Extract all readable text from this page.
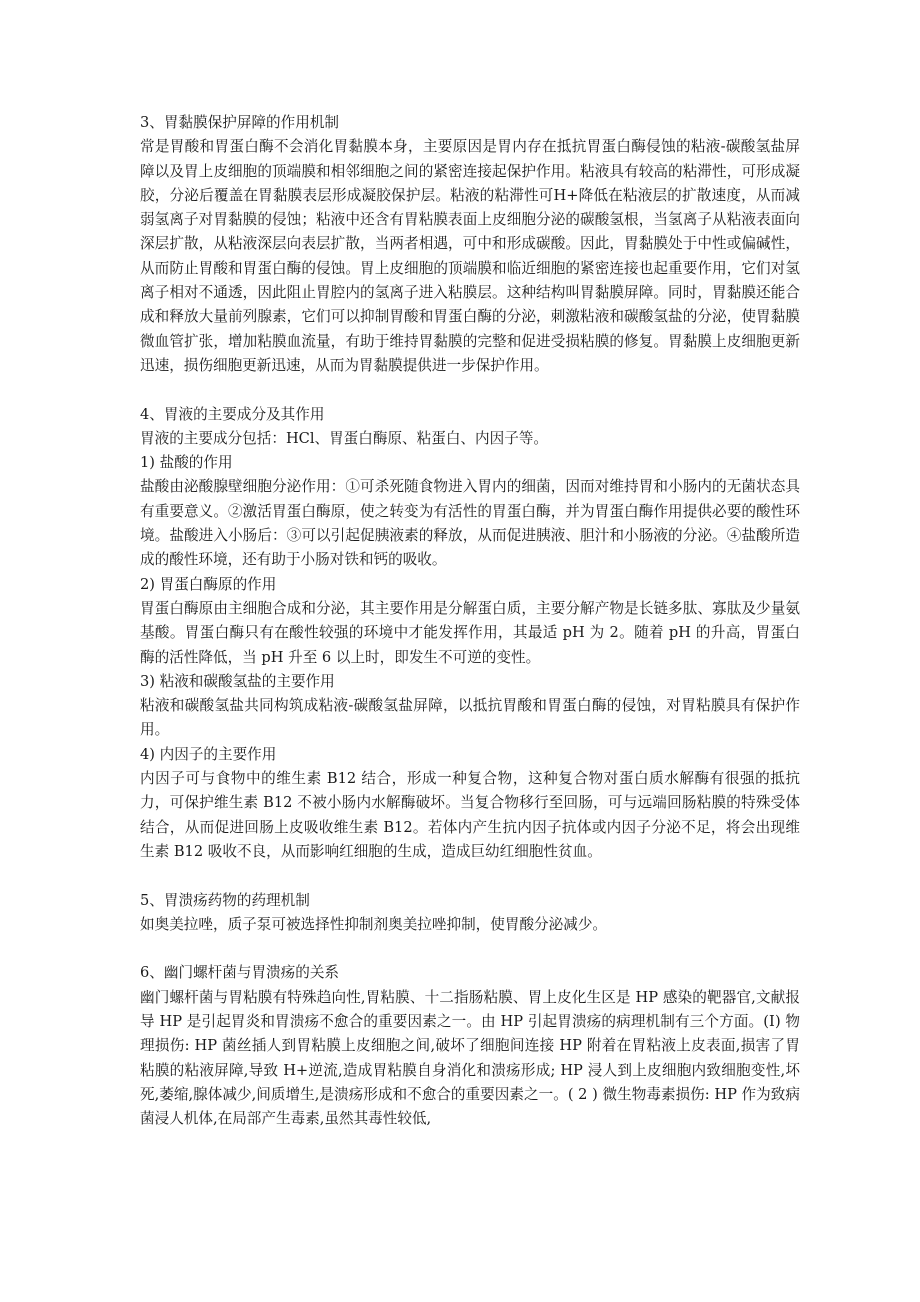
3、胃黏膜保护屏障的作用机制

常是胃酸和胃蛋白酶不会消化胃黏膜本身，主要原因是胃内存在抵抗胃蛋白酶侵蚀的粘液-碳酸氢盐屏障以及胃上皮细胞的顶端膜和相邻细胞之间的紧密连接起保护作用。粘液具有较高的粘滞性，可形成凝胶，分泌后覆盖在胃黏膜表层形成凝胶保护层。粘液的粘滞性可H+降低在粘液层的扩散速度，从而减弱氢离子对胃黏膜的侵蚀；粘液中还含有胃粘膜表面上皮细胞分泌的碳酸氢根，当氢离子从粘液表面向深层扩散，从粘液深层向表层扩散，当两者相遇，可中和形成碳酸。因此，胃黏膜处于中性或偏碱性，从而防止胃酸和胃蛋白酶的侵蚀。胃上皮细胞的顶端膜和临近细胞的紧密连接也起重要作用，它们对氢离子相对不通透，因此阻止胃腔内的氢离子进入粘膜层。这种结构叫胃黏膜屏障。同时，胃黏膜还能合成和释放大量前列腺素，它们可以抑制胃酸和胃蛋白酶的分泌，刺激粘液和碳酸氢盐的分泌，使胃黏膜微血管扩张，增加粘膜血流量，有助于维持胃黏膜的完整和促进受损粘膜的修复。胃黏膜上皮细胞更新迅速，损伤细胞更新迅速，从而为胃黏膜提供进一步保护作用。

4、胃液的主要成分及其作用

胃液的主要成分包括：HCl、胃蛋白酶原、粘蛋白、内因子等。

1) 盐酸的作用

盐酸由泌酸腺壁细胞分泌作用：①可杀死随食物进入胃内的细菌，因而对维持胃和小肠内的无菌状态具有重要意义。②激活胃蛋白酶原，使之转变为有活性的胃蛋白酶，并为胃蛋白酶作用提供必要的酸性环境。盐酸进入小肠后：③可以引起促胰液素的释放，从而促进胰液、胆汁和小肠液的分泌。④盐酸所造成的酸性环境，还有助于小肠对铁和钙的吸收。

2) 胃蛋白酶原的作用

胃蛋白酶原由主细胞合成和分泌，其主要作用是分解蛋白质，主要分解产物是长链多肽、寡肽及少量氨基酸。胃蛋白酶只有在酸性较强的环境中才能发挥作用，其最适 pH 为 2。随着 pH 的升高，胃蛋白酶的活性降低，当 pH 升至 6 以上时，即发生不可逆的变性。

3) 粘液和碳酸氢盐的主要作用

粘液和碳酸氢盐共同构筑成粘液-碳酸氢盐屏障，以抵抗胃酸和胃蛋白酶的侵蚀，对胃粘膜具有保护作用。

4) 内因子的主要作用

内因子可与食物中的维生素 B12 结合，形成一种复合物，这种复合物对蛋白质水解酶有很强的抵抗力，可保护维生素 B12 不被小肠内水解酶破坏。当复合物移行至回肠，可与远端回肠粘膜的特殊受体结合，从而促进回肠上皮吸收维生素 B12。若体内产生抗内因子抗体或内因子分泌不足，将会出现维生素 B12 吸收不良，从而影响红细胞的生成，造成巨幼红细胞性贫血。

5、胃溃疡药物的药理机制

如奥美拉唑，质子泵可被选择性抑制剂奥美拉唑抑制，使胃酸分泌减少。

6、幽门螺杆菌与胃溃疡的关系

幽门螺杆菌与胃粘膜有特殊趋向性,胃粘膜、十二指肠粘膜、胃上皮化生区是 HP 感染的靶器官,文献报导 HP 是引起胃炎和胃溃疡不愈合的重要因素之一。由 HP 引起胃溃疡的病理机制有三个方面。(Ⅰ) 物理损伤: HP 菌丝插人到胃粘膜上皮细胞之间,破坏了细胞间连接 HP 附着在胃粘液上皮表面,损害了胃粘膜的粘液屏障,导致 H+逆流,造成胃粘膜自身消化和溃疡形成; HP 浸人到上皮细胞内致细胞变性,坏死,萎缩,腺体减少,间质增生,是溃疡形成和不愈合的重要因素之一。( 2 ) 微生物毒素损伤: HP 作为致病菌浸人机体,在局部产生毒素,虽然其毒性较低,
